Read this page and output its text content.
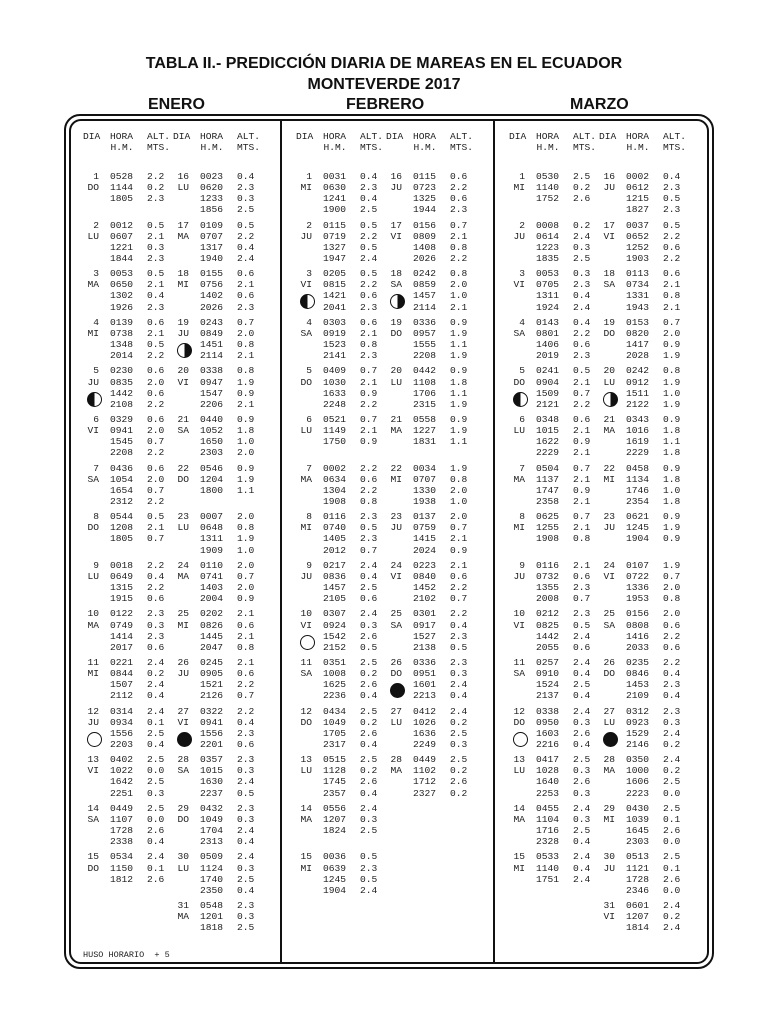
TABLA II.- PREDICCIÓN DIARIA DE MAREAS EN EL ECUADOR
MONTEVERDE 2017
ENERO	FEBRERO	MARZO
DIA HORA
H.M.
ALT.
MTS.
1
DO
0528
1144
1805
2.2
0.2
2.3
2
LU
0012
0607
1221
1844
0.5
2.1
0.3
2.3
3
MA
0053
0650
1302
1926
0.5
2.1
0.4
2.3
4
MI
0139
0738
1348
2014
0.6
2.1
0.5
2.2
5
JU
0230
0835
1442
2108
0.6
2.0
0.6
2.2
6
VI
0329
0941
1545
2208
0.6
2.0
0.7
2.2
7
SA
0436
1054
1654
2312
0.6
2.0
0.7
2.2
8
DO
0544
1208
1805
0.5
2.1
0.7
9
LU
0018
0649
1315
1915
2.2
0.4
2.2
0.6
10
MA
0122
0749
1414
2017
2.3
0.3
2.3
0.6
11
MI
0221
0844
1507
2112
2.4
0.2
2.4
0.4
12
JU
0314
0934
1556
2203
2.4
0.1
2.5
0.4
13
VI
0402
1022
1642
2251
2.5
0.0
2.5
0.3
14
SA
0449
1107
1728
2338
2.5
0.0
2.6
0.4
15
DO
0534
1150
1812
2.4
0.1
2.6
DIA HORA
H.M.
ALT.
MTS.
16
LU
0023
0620
1233
1856
0.4
2.3
0.3
2.5
17
MA
0109
0707
1317
1940
0.5
2.2
0.4
2.4
18
MI
0155
0756
1402
2026
0.6
2.1
0.6
2.3
19
JU
0243
0849
1451
2114
0.7
2.0
0.8
2.1
20
VI
0338
0947
1547
2206
0.8
1.9
0.9
2.1
21
SA
0440
1052
1650
2303
0.9
1.8
1.0
2.0
22
DO
0546
1204
1800
0.9
1.9
1.1
23
LU
0007
0648
1311
1909
2.0
0.8
1.9
1.0
24
MA
0110
0741
1403
2004
2.0
0.7
2.0
0.9
25
MI
0202
0826
1445
2047
2.1
0.6
2.1
0.8
26
JU
0245
0905
1521
2126
2.1
0.6
2.2
0.7
27
VI
0322
0941
1556
2201
2.2
0.4
2.3
0.6
28
SA
0357
1015
1630
2237
2.3
0.3
2.4
0.5
29
DO
0432
1049
1704
2313
2.3
0.3
2.4
0.4
30
LU
0509
1124
1740
2350
2.4
0.3
2.5
0.4
31
MA
0548
1201
1818
2.3
0.3
2.5
DIA HORA
H.M.
ALT.
MTS.
1
MI
0031
0630
1241
1900
0.4
2.3
0.4
2.5
2
JU
0115
0719
1327
1947
0.5
2.2
0.5
2.4
3
VI
0205
0815
1421
2041
0.5
2.2
0.6
2.3
4
SA
0303
0919
1523
2141
0.6
2.1
0.8
2.3
5
DO
0409
1030
1633
2248
0.7
2.1
0.9
2.2
6
LU
0521
1149
1750
0.7
2.1
0.9
7
MA
0002
0634
1304
1908
2.2
0.6
2.2
0.8
8
MI
0116
0740
1405
2012
2.3
0.5
2.3
0.7
9
JU
0217
0836
1457
2105
2.4
0.4
2.5
0.6
10
VI
0307
0924
1542
2152
2.4
0.3
2.6
0.5
11
SA
0351
1008
1625
2236
2.5
0.2
2.6
0.4
12
DO
0434
1049
1705
2317
2.5
0.2
2.6
0.4
13
LU
0515
1128
1745
2357
2.5
0.2
2.6
0.4
14
MA
0556
1207
1824
2.4
0.3
2.5
15
MI
0036
0639
1245
1904
0.5
2.3
0.5
2.4
DIA HORA
H.M.
ALT.
MTS.
16
JU
0115
0723
1325
1944
0.6
2.2
0.6
2.3
17
VI
0156
0809
1408
2026
0.7
2.1
0.8
2.2
18
SA
0242
0859
1457
2114
0.8
2.0
1.0
2.1
19
DO
0336
0957
1555
2208
0.9
1.9
1.1
1.9
20
LU
0442
1108
1706
2315
0.9
1.8
1.1
1.9
21
MA
0558
1227
1831
0.9
1.9
1.1
22
MI
0034
0707
1330
1938
1.9
0.8
2.0
1.0
23
JU
0137
0759
1415
2024
2.0
0.7
2.1
0.9
24
VI
0223
0840
1452
2102
2.1
0.6
2.2
0.7
25
SA
0301
0917
1527
2138
2.2
0.4
2.3
0.5
26
DO
0336
0951
1601
2213
2.3
0.3
2.4
0.4
27
LU
0412
1026
1636
2249
2.4
0.2
2.5
0.3
28
MA
0449
1102
1712
2327
2.5
0.2
2.6
0.2
DIA HORA
H.M.
ALT.
MTS.
1
MI
0530
1140
1752
2.5
0.2
2.6
2
JU
0008
0614
1223
1835
0.2
2.4
0.3
2.5
3
VI
0053
0705
1311
1924
0.3
2.3
0.4
2.4
4
SA
0143
0801
1406
2019
0.4
2.2
0.6
2.3
5
DO
0241
0904
1509
2121
0.5
2.1
0.7
2.2
6
LU
0348
1015
1622
2229
0.6
2.1
0.9
2.1
7
MA
0504
1137
1747
2358
0.7
2.1
0.9
2.1
8
MI
0625
1255
1908
0.7
2.1
0.8
9
JU
0116
0732
1355
2008
2.1
0.6
2.3
0.7
10
VI
0212
0825
1442
2055
2.3
0.5
2.4
0.6
11
SA
0257
0910
1524
2137
2.4
0.4
2.5
0.4
12
DO
0338
0950
1603
2216
2.4
0.3
2.6
0.4
13
LU
0417
1028
1640
2253
2.5
0.3
2.6
0.3
14
MA
0455
1104
1716
2328
2.4
0.3
2.5
0.4
15
MI
0533
1140
1751
2.4
0.4
2.4
DIA HORA
H.M.
ALT.
MTS.
16
JU
0002
0612
1215
1827
0.4
2.3
0.5
2.3
17
VI
0037
0652
1252
1903
0.5
2.2
0.6
2.2
18
SA
0113
0734
1331
1943
0.6
2.1
0.8
2.1
19
DO
0153
0820
1417
2028
0.7
2.0
0.9
1.9
20
LU
0242
0912
1511
2122
0.8
1.9
1.0
1.9
21
MA
0343
1016
1619
2229
0.9
1.8
1.1
1.8
22
MI
0458
1134
1746
2354
0.9
1.8
1.0
1.8
23
JU
0621
1245
1904
0.9
1.9
0.9
24
VI
0107
0722
1336
1953
1.9
0.7
2.0
0.8
25
SA
0156
0808
1416
2033
2.0
0.6
2.2
0.6
26
DO
0235
0846
1453
2109
2.2
0.4
2.3
0.4
27
LU
0312
0923
1529
2146
2.3
0.3
2.4
0.2
28
MA
0350
1000
1606
2223
2.4
0.2
2.5
0.0
29
MI
0430
1039
1645
2303
2.5
0.1
2.6
0.0
30
JU
0513
1121
1728
2346
2.5
0.1
2.6
0.0
31
VI
0601
1207
1814
2.4
0.2
2.4
HUSO HORARIO  + 5
